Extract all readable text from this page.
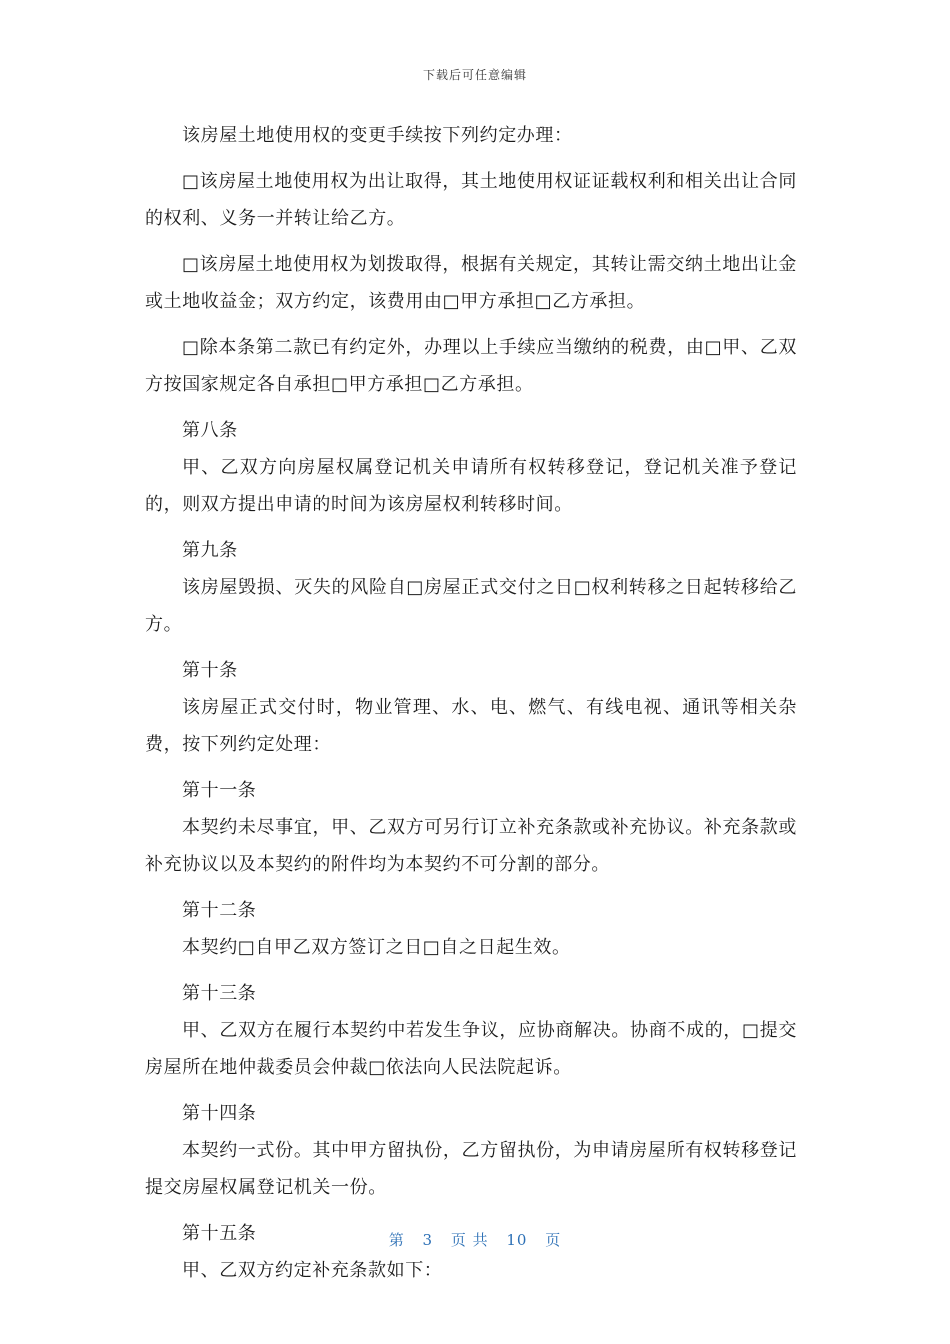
下载后可任意编辑

该房屋土地使用权的变更手续按下列约定办理：

□该房屋土地使用权为出让取得，其土地使用权证证载权利和相关出让合同的权利、义务一并转让给乙方。

□该房屋土地使用权为划拨取得，根据有关规定，其转让需交纳土地出让金或土地收益金；双方约定，该费用由□甲方承担□乙方承担。

□除本条第二款已有约定外，办理以上手续应当缴纳的税费，由□甲、乙双方按国家规定各自承担□甲方承担□乙方承担。

第八条

甲、乙双方向房屋权属登记机关申请所有权转移登记，登记机关准予登记的，则双方提出申请的时间为该房屋权利转移时间。

第九条

该房屋毁损、灭失的风险自□房屋正式交付之日□权利转移之日起转移给乙方。

第十条

该房屋正式交付时，物业管理、水、电、燃气、有线电视、通讯等相关杂费，按下列约定处理：

第十一条

本契约未尽事宜，甲、乙双方可另行订立补充条款或补充协议。补充条款或补充协议以及本契约的附件均为本契约不可分割的部分。

第十二条

本契约□自甲乙双方签订之日□自之日起生效。

第十三条

甲、乙双方在履行本契约中若发生争议，应协商解决。协商不成的，□提交房屋所在地仲裁委员会仲裁□依法向人民法院起诉。

第十四条

本契约一式份。其中甲方留执份，乙方留执份，为申请房屋所有权转移登记提交房屋权属登记机关一份。

第十五条

甲、乙双方约定补充条款如下：

第 3 页 共 10 页
